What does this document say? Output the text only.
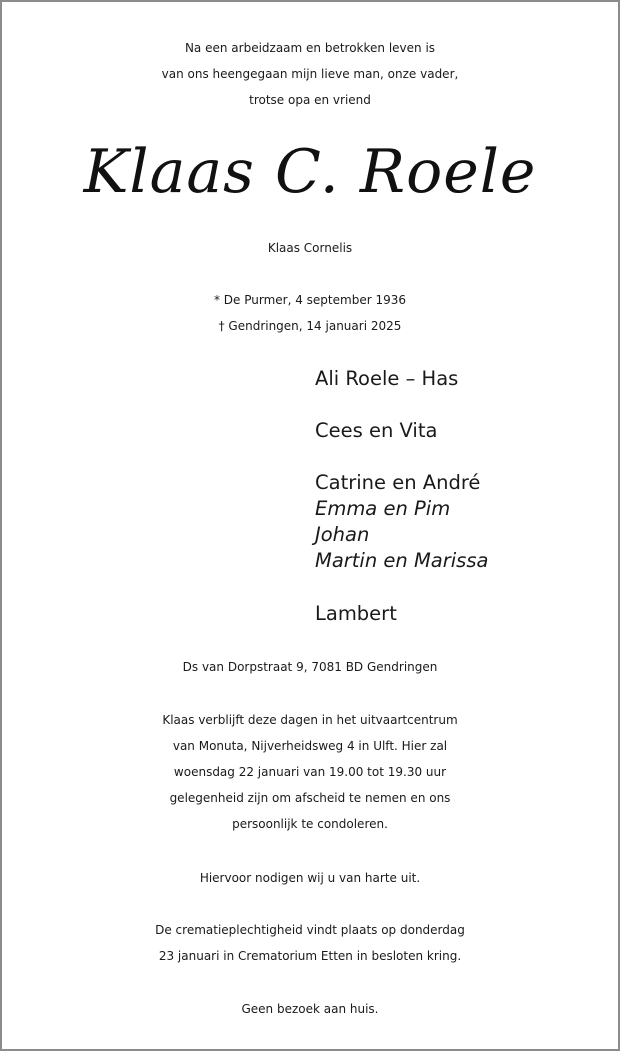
Na een arbeidzaam en betrokken leven is
van ons heengegaan mijn lieve man, onze vader,
trotse opa en vriend
Klaas C. Roele
Klaas Cornelis
* De Purmer, 4 september 1936
† Gendringen, 14 januari 2025
Ali Roele – Has
Cees en Vita
Catrine en André
Emma en Pim
Johan
Martin en Marissa
Lambert
Ds van Dorpstraat 9, 7081 BD Gendringen
Klaas verblijft deze dagen in het uitvaartcentrum
van Monuta, Nijverheidsweg 4 in Ulft. Hier zal
woensdag 22 januari van 19.00 tot 19.30 uur
gelegenheid zijn om afscheid te nemen en ons
persoonlijk te condoleren.
Hiervoor nodigen wij u van harte uit.
De crematieplechtigheid vindt plaats op donderdag
23 januari in Crematorium Etten in besloten kring.
Geen bezoek aan huis.
